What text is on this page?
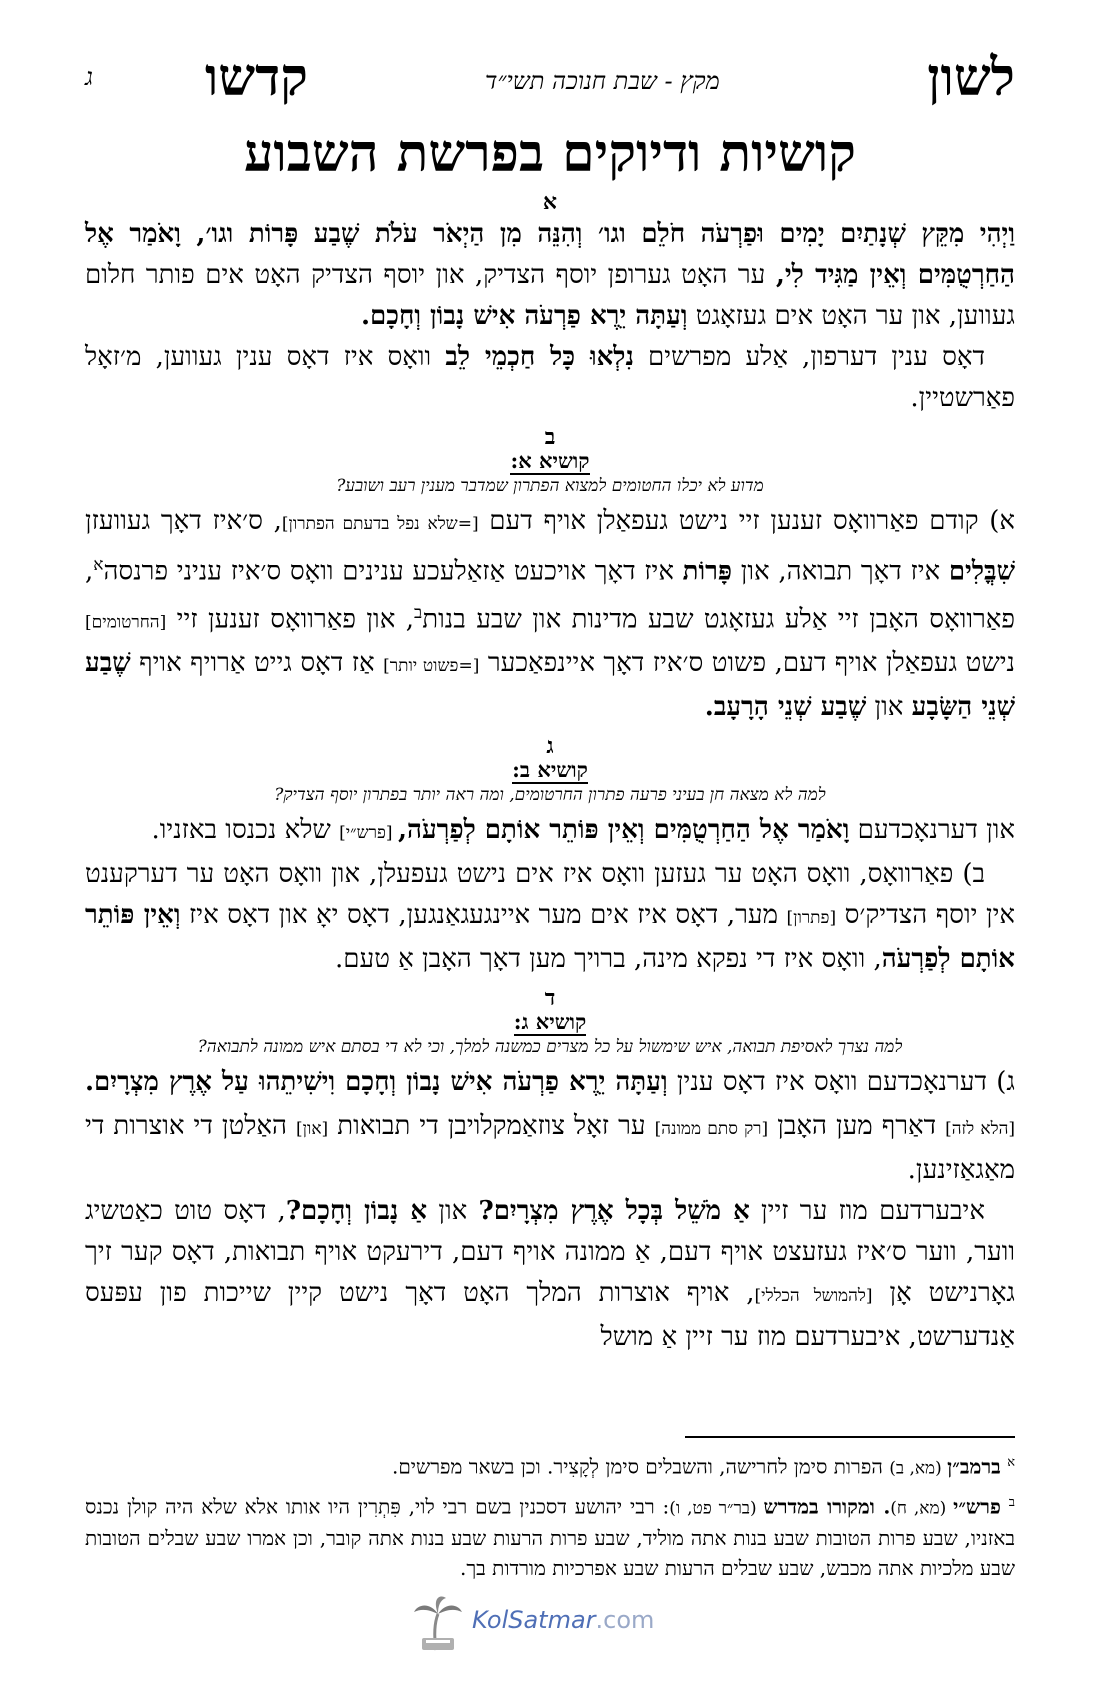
לשון
מקץ - שבת חנוכה תשי״ד
קדשו
ג
קושיות ודיוקים בפרשת השבוע
א

וַיְהִי מִקֵּץ שְׁנָתַיִם יָמִים וּפַרְעֹה חֹלֵם וגו׳ וְהִנֵּה מִן הַיְאֹר עֹלֹת שֶׁבַע פָּרוֹת וגו׳, וָאֹמַר אֶל הַחַרְטֻמִּים וְאֵין מַגִּיד לִי, ער האָט גערופן יוסף הצדיק, און יוסף הצדיק האָט אים פותר חלום געווען, און ער האָט אים געזאָגט וְעַתָּה יֵרֶא פַרְעֹה אִישׁ נָבוֹן וְחָכָם.

דאָס ענין דערפון, אַלע מפרשים נִלְאוּ כָּל חַכְמֵי לֵב וואָס איז דאָס ענין געווען, מ׳זאָל פאַרשטיין.

ב
קושיא א:
מדוע לא יכלו החטומים למצוא הפתרון שמדבר מענין רעב ושובע?

א) קודם פאַרוואָס זענען זיי נישט געפאַלן אויף דעם [=שלא נפל בדעתם הפתרון], ס׳איז דאָך געוועזן שִׁבֳּלִים איז דאָך תבואה, און פָּרוֹת איז דאָך אויכעט אַזאַלעכע ענינים וואָס ס׳איז עניני פרנסה$^א$, פאַרוואָס האָבן זיי אַלע געזאָגט שבע מדינות און שבע בנות$^ב$, און פאַרוואָס זענען זיי [החרטומים] נישט געפאַלן אויף דעם, פשוט ס׳איז דאָך איינפאַכער [=פשוט יותר] אַז דאָס גייט אַרויף אויף שֶׁבַע שְׁנֵי הַשָּׂבָע און שֶׁבַע שְׁנֵי הָרָעָב.

ג
קושיא ב:
למה לא מצאה חן בעיני פרעה פתרון החרטומים, ומה ראה יותר בפתרון יוסף הצדיק?

און דערנאָכדעם וָאֹמַר אֶל הַחַרְטֻמִּים וְאֵין פּוֹתֵר אוֹתָם לְפַרְעֹה, [פרש״י] שלא נכנסו באזניו.

ב) פאַרוואָס, וואָס האָט ער געזען וואָס איז אים נישט געפעלן, און וואָס האָט ער דערקענט אין יוסף הצדיק׳ס [פתרון] מער, דאָס איז אים מער איינגעגאַנגען, דאָס יאָ און דאָס איז וְאֵין פּוֹתֵר אוֹתָם לְפַרְעֹה, וואָס איז די נפקא מינה, ברויך מען דאָך האָבן אַ טעם.

ד
קושיא ג:
למה נצרך לאסיפת תבואה, איש שימשול על כל מצרים כמשנה למלך, וכי לא די בסתם איש ממונה לתבואה?

ג) דערנאָכדעם וואָס איז דאָס ענין וְעַתָּה יֵרֶא פַרְעֹה אִישׁ נָבוֹן וְחָכָם וִישִׁיתֵהוּ עַל אֶרֶץ מִצְרָיִם. [הלא לזה] דאַרף מען האָבן [רק סתם ממונה] ער זאָל צוזאַמקלויבן די תבואות [און] האַלטן די אוצרות די מאַגאַזינען.

איבערדעם מוז ער זיין אַ מֹשֵׁל בְּכָל אֶרֶץ מִצְרָיִם? און אַ נָבוֹן וְחָכָם?, דאָס טוט כאַטשיג ווער, ווער ס׳איז געזעצט אויף דעם, אַ ממונה אויף דעם, דירעקט אויף תבואות, דאָס קער זיך גאָרנישט אָן [להמושל הכללי], אויף אוצרות המלך האָט דאָך נישט קיין שייכות פון עפּעס אַנדערשט, איבערדעם מוז ער זיין אַ מושל

$^א$ ברמב״ן (מא, ב) הפרות סימן לחרישה, והשבלים סימן לְקָצִיר. וכן בשאר מפרשים.
$^ב$ פרש״י (מא, ח). ומקורו במדרש (בר״ר פט, ו): רבי יהושע דסכנין בשם רבי לוי, פִּתְרִין היו אותו אלא שלא היה קולן נכנס באזניו, שבע פרות הטובות שבע בנות אתה מוליד, שבע פרות הרעות שבע בנות אתה קובר, וכן אמרו שבע שבלים הטובות שבע מלכיות אתה מכבש, שבע שבלים הרעות שבע אפרכיות מורדות בך.
KolSatmar.com
